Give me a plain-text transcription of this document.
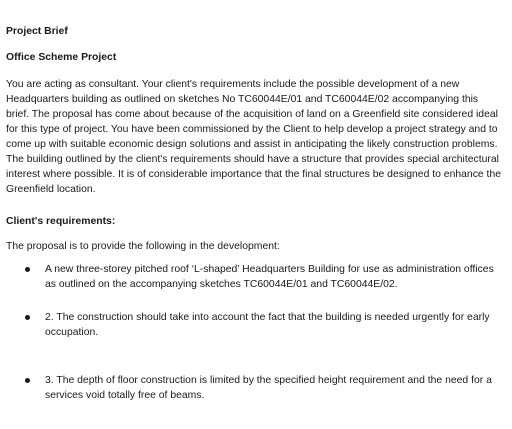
Project Brief

Office Scheme Project

You are acting as consultant. Your client's requirements include the possible development of a new Headquarters building as outlined on sketches No TC60044E/01 and TC60044E/02 accompanying this brief. The proposal has come about because of the acquisition of land on a Greenfield site considered ideal for this type of project. You have been commissioned by the Client to help develop a project strategy and to come up with suitable economic design solutions and assist in anticipating the likely construction problems. The building outlined by the client's requirements should have a structure that provides special architectural interest where possible. It is of considerable importance that the final structures be designed to enhance the Greenfield location.

Client's requirements:

The proposal is to provide the following in the development:

A new three-storey pitched roof ‘L-shaped’ Headquarters Building for use as administration offices as outlined on the accompanying sketches TC60044E/01 and TC60044E/02.
2. The construction should take into account the fact that the building is needed urgently for early occupation.
3. The depth of floor construction is limited by the specified height requirement and the need for a services void totally free of beams.
